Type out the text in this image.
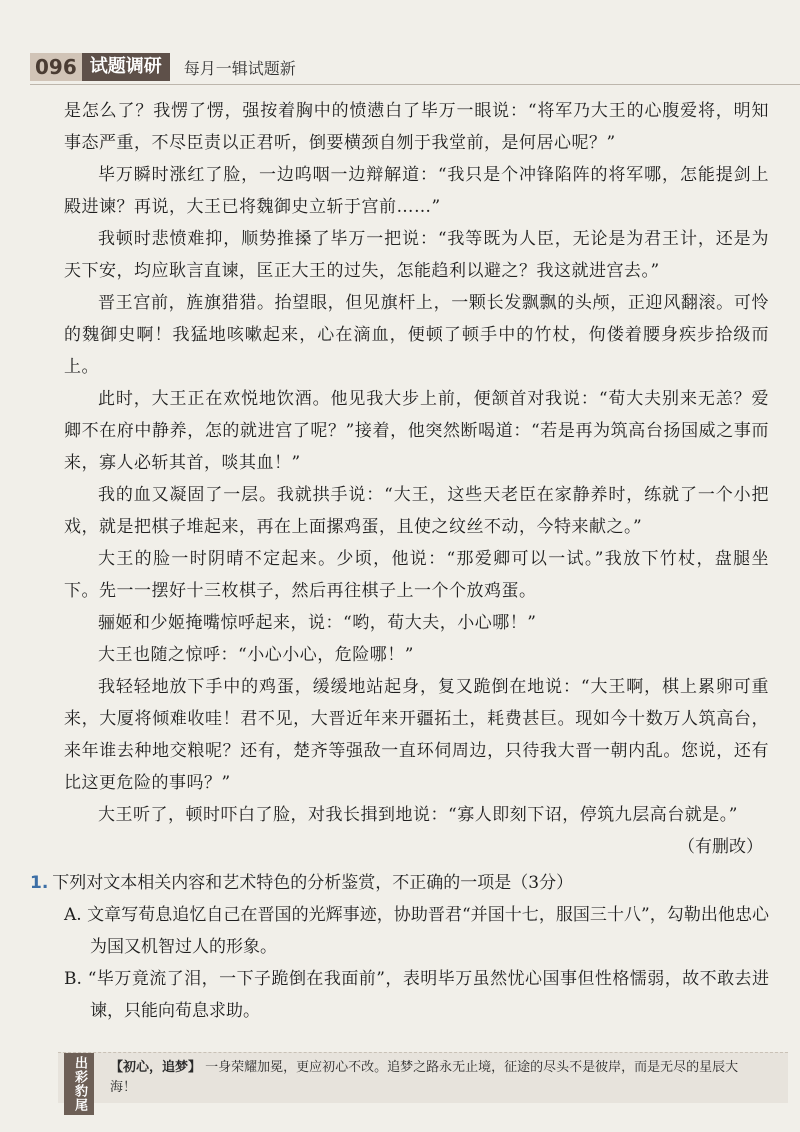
096 试题调研	每月一辑试题新

是怎么了？我愣了愣，强按着胸中的愤懑白了毕万一眼说：“将军乃大王的心腹爱将，明知事态严重，不尽臣责以正君听，倒要横颈自刎于我堂前，是何居心呢？”

毕万瞬时涨红了脸，一边呜咽一边辩解道：“我只是个冲锋陷阵的将军哪，怎能提剑上殿进谏？再说，大王已将魏御史立斩于宫前……”

我顿时悲愤难抑，顺势推搡了毕万一把说：“我等既为人臣，无论是为君王计，还是为天下安，均应耿言直谏，匡正大王的过失，怎能趋利以避之？我这就进宫去。”

晋王宫前，旌旗猎猎。抬望眼，但见旗杆上，一颗长发飘飘的头颅，正迎风翻滚。可怜的魏御史啊！我猛地咳嗽起来，心在滴血，便顿了顿手中的竹杖，佝偻着腰身疾步拾级而上。

此时，大王正在欢悦地饮酒。他见我大步上前，便颔首对我说：“荀大夫别来无恙？爱卿不在府中静养，怎的就进宫了呢？”接着，他突然断喝道：“若是再为筑高台扬国威之事而来，寡人必斩其首，啖其血！”

我的血又凝固了一层。我就拱手说：“大王，这些天老臣在家静养时，练就了一个小把戏，就是把棋子堆起来，再在上面摞鸡蛋，且使之纹丝不动，今特来献之。”

大王的脸一时阴晴不定起来。少顷，他说：“那爱卿可以一试。”我放下竹杖，盘腿坐下。先一一摆好十三枚棋子，然后再往棋子上一个个放鸡蛋。

骊姬和少姬掩嘴惊呼起来，说：“哟，荀大夫，小心哪！”

大王也随之惊呼：“小心小心，危险哪！”

我轻轻地放下手中的鸡蛋，缓缓地站起身，复又跪倒在地说：“大王啊，棋上累卵可重来，大厦将倾难收哇！君不见，大晋近年来开疆拓土，耗费甚巨。现如今十数万人筑高台，来年谁去种地交粮呢？还有，楚齐等强敌一直环伺周边，只待我大晋一朝内乱。您说，还有比这更危险的事吗？”

大王听了，顿时吓白了脸，对我长揖到地说：“寡人即刻下诏，停筑九层高台就是。”

（有删改）

1. 下列对文本相关内容和艺术特色的分析鉴赏，不正确的一项是（3分）

A. 文章写荀息追忆自己在晋国的光辉事迹，协助晋君“并国十七，服国三十八”，勾勒出他忠心为国又机智过人的形象。

B. “毕万竟流了泪，一下子跪倒在我面前”，表明毕万虽然忧心国事但性格懦弱，故不敢去进谏，只能向荀息求助。

出彩豹尾	【初心，追梦】 一身荣耀加冕，更应初心不改。追梦之路永无止境，征途的尽头不是彼岸，而是无尽的星辰大海！
